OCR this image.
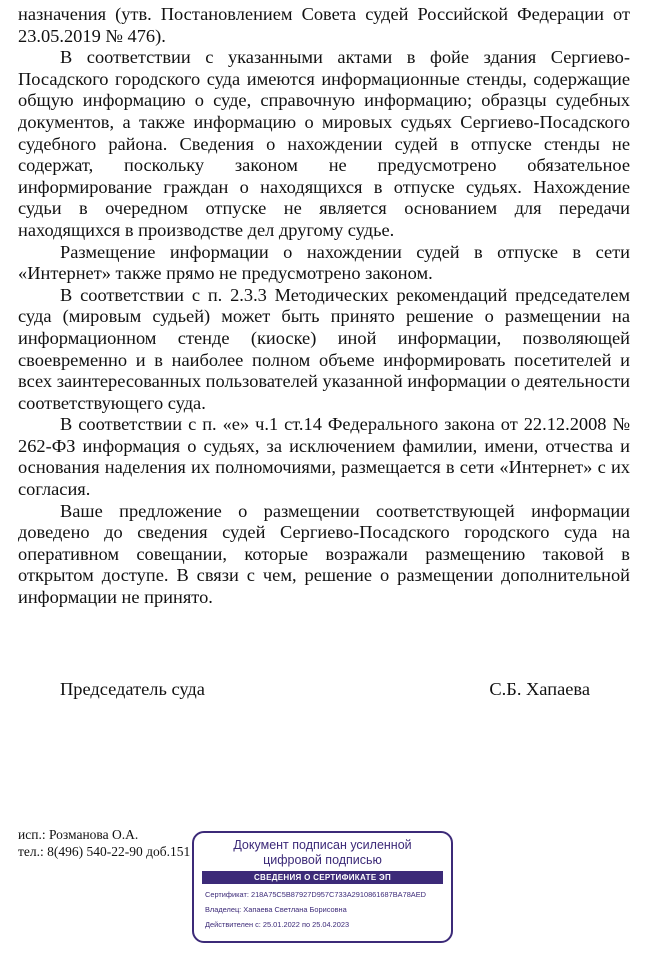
назначения (утв. Постановлением Совета судей Российской Федерации от 23.05.2019 № 476).

В соответствии с указанными актами в фойе здания Сергиево-Посадского городского суда имеются информационные стенды, содержащие общую информацию о суде, справочную информацию; образцы судебных документов, а также информацию о мировых судьях Сергиево-Посадского судебного района. Сведения о нахождении судей в отпуске стенды не содержат, поскольку законом не предусмотрено обязательное информирование граждан о находящихся в отпуске судьях. Нахождение судьи в очередном отпуске не является основанием для передачи находящихся в производстве дел другому судье.

Размещение информации о нахождении судей в отпуске в сети «Интернет» также прямо не предусмотрено законом.

В соответствии с п. 2.3.3 Методических рекомендаций председателем суда (мировым судьей) может быть принято решение о размещении на информационном стенде (киоске) иной информации, позволяющей своевременно и в наиболее полном объеме информировать посетителей и всех заинтересованных пользователей указанной информации о деятельности соответствующего суда.

В соответствии с п. «е» ч.1 ст.14 Федерального закона от 22.12.2008 № 262-ФЗ информация о судьях, за исключением фамилии, имени, отчества и основания наделения их полномочиями, размещается в сети «Интернет» с их согласия.

Ваше предложение о размещении соответствующей информации доведено до сведения судей Сергиево-Посадского городского суда на оперативном совещании, которые возражали размещению таковой в открытом доступе. В связи с чем, решение о размещении дополнительной информации не принято.

Председатель суда	С.Б. Хапаева
исп.: Розманова О.А.
тел.: 8(496) 540-22-90 доб.151	Документ подписан усиленной
цифровой подписью
СВЕДЕНИЯ О СЕРТИФИКАТЕ ЭП
Сертификат: 218A75C5B87927D957C733A2910861687BA78AED
Владелец: Хапаева Светлана Борисовна
Действителен с: 25.01.2022 по 25.04.2023
